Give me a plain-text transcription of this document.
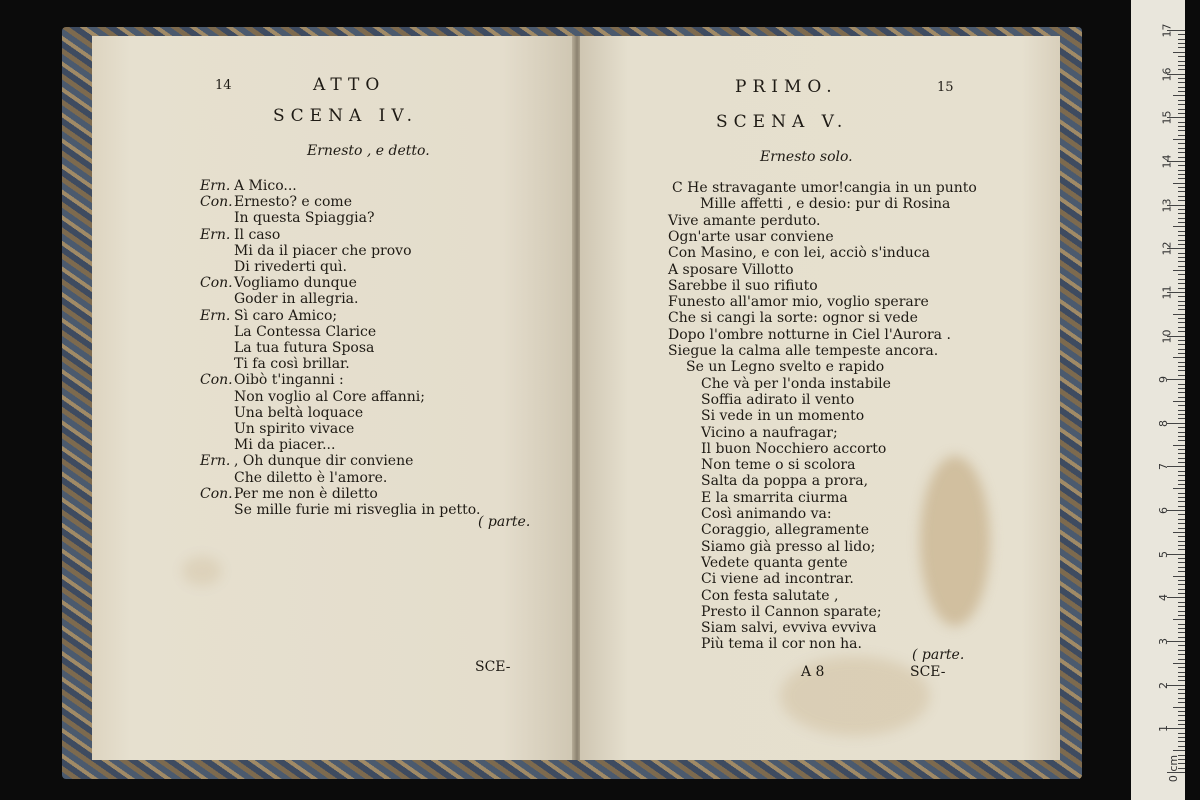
14	ATTO
SCENA IV.
Ernesto , e detto.
Ern. A Mico...
Con. Ernesto? e come
In questa Spiaggia?
Ern. Il caso
Mi da il piacer che provo
Di rivederti quì.
Con. Vogliamo dunque
Goder in allegria.
Ern. Sì caro Amico;
La Contessa Clarice
La tua futura Sposa
Ti fa così brillar.
Con. Oibò t'inganni :
Non voglio al Core affanni;
Una beltà loquace
Un spirito vivace
Mi da piacer...
Ern. , Oh dunque dir conviene
Che diletto è l'amore.
Con. Per me non è diletto
Se mille furie mi risveglia in petto.
( parte.
SCE-
PRIMO.	15
SCENA V.
Ernesto solo.
C He stravagante umor!cangia in un punto
Mille affetti , e desio: pur di Rosina
Vive amante perduto.
Ogn'arte usar conviene
Con Masino, e con lei, acciò s'induca
A sposare Villotto
Sarebbe il suo rifiuto
Funesto all'amor mio, voglio sperare
Che si cangi la sorte: ognor si vede
Dopo l'ombre notturne in Ciel l'Aurora .
Siegue la calma alle tempeste ancora.
Se un Legno svelto e rapido
Che và per l'onda instabile
Soffia adirato il vento
Si vede in un momento
Vicino a naufragar;
Il buon Nocchiero accorto
Non teme o si scolora
Salta da poppa a prora,
E la smarrita ciurma
Così animando va:
Coraggio, allegramente
Siamo già presso al lido;
Vedete quanta gente
Ci viene ad incontrar.
Con festa salutate ,
Presto il Cannon sparate;
Siam salvi, evviva evviva
Più tema il cor non ha.
( parte.
A 8	SCE-
0 cm
1
2
3
4
5
6
7
8
9
10
11
12
13
14
15
16
17
